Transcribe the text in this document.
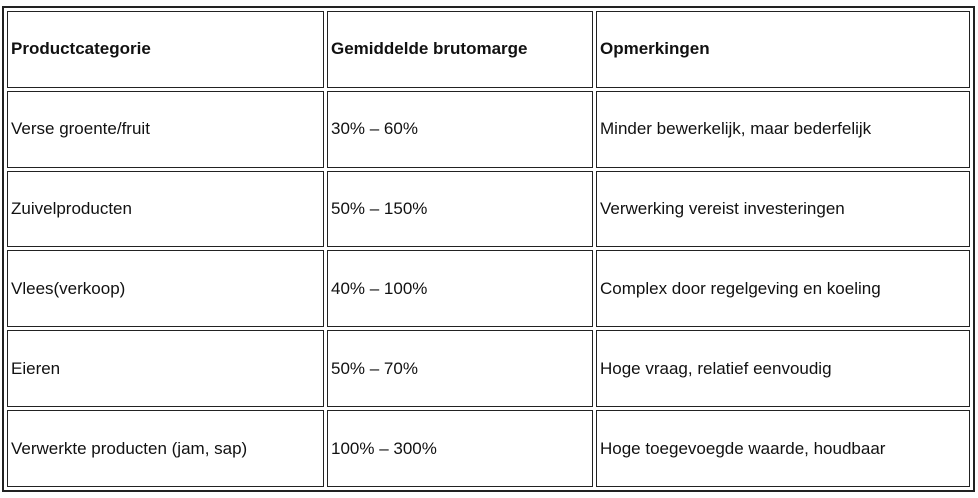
Productcategorie	Gemiddelde brutomarge	Opmerkingen
Verse groente/fruit	30% – 60%	Minder bewerkelijk, maar bederfelijk
Zuivelproducten	50% – 150%	Verwerking vereist investeringen
Vlees(verkoop)	40% – 100%	Complex door regelgeving en koeling
Eieren	50% – 70%	Hoge vraag, relatief eenvoudig
Verwerkte producten (jam, sap)	100% – 300%	Hoge toegevoegde waarde, houdbaar
